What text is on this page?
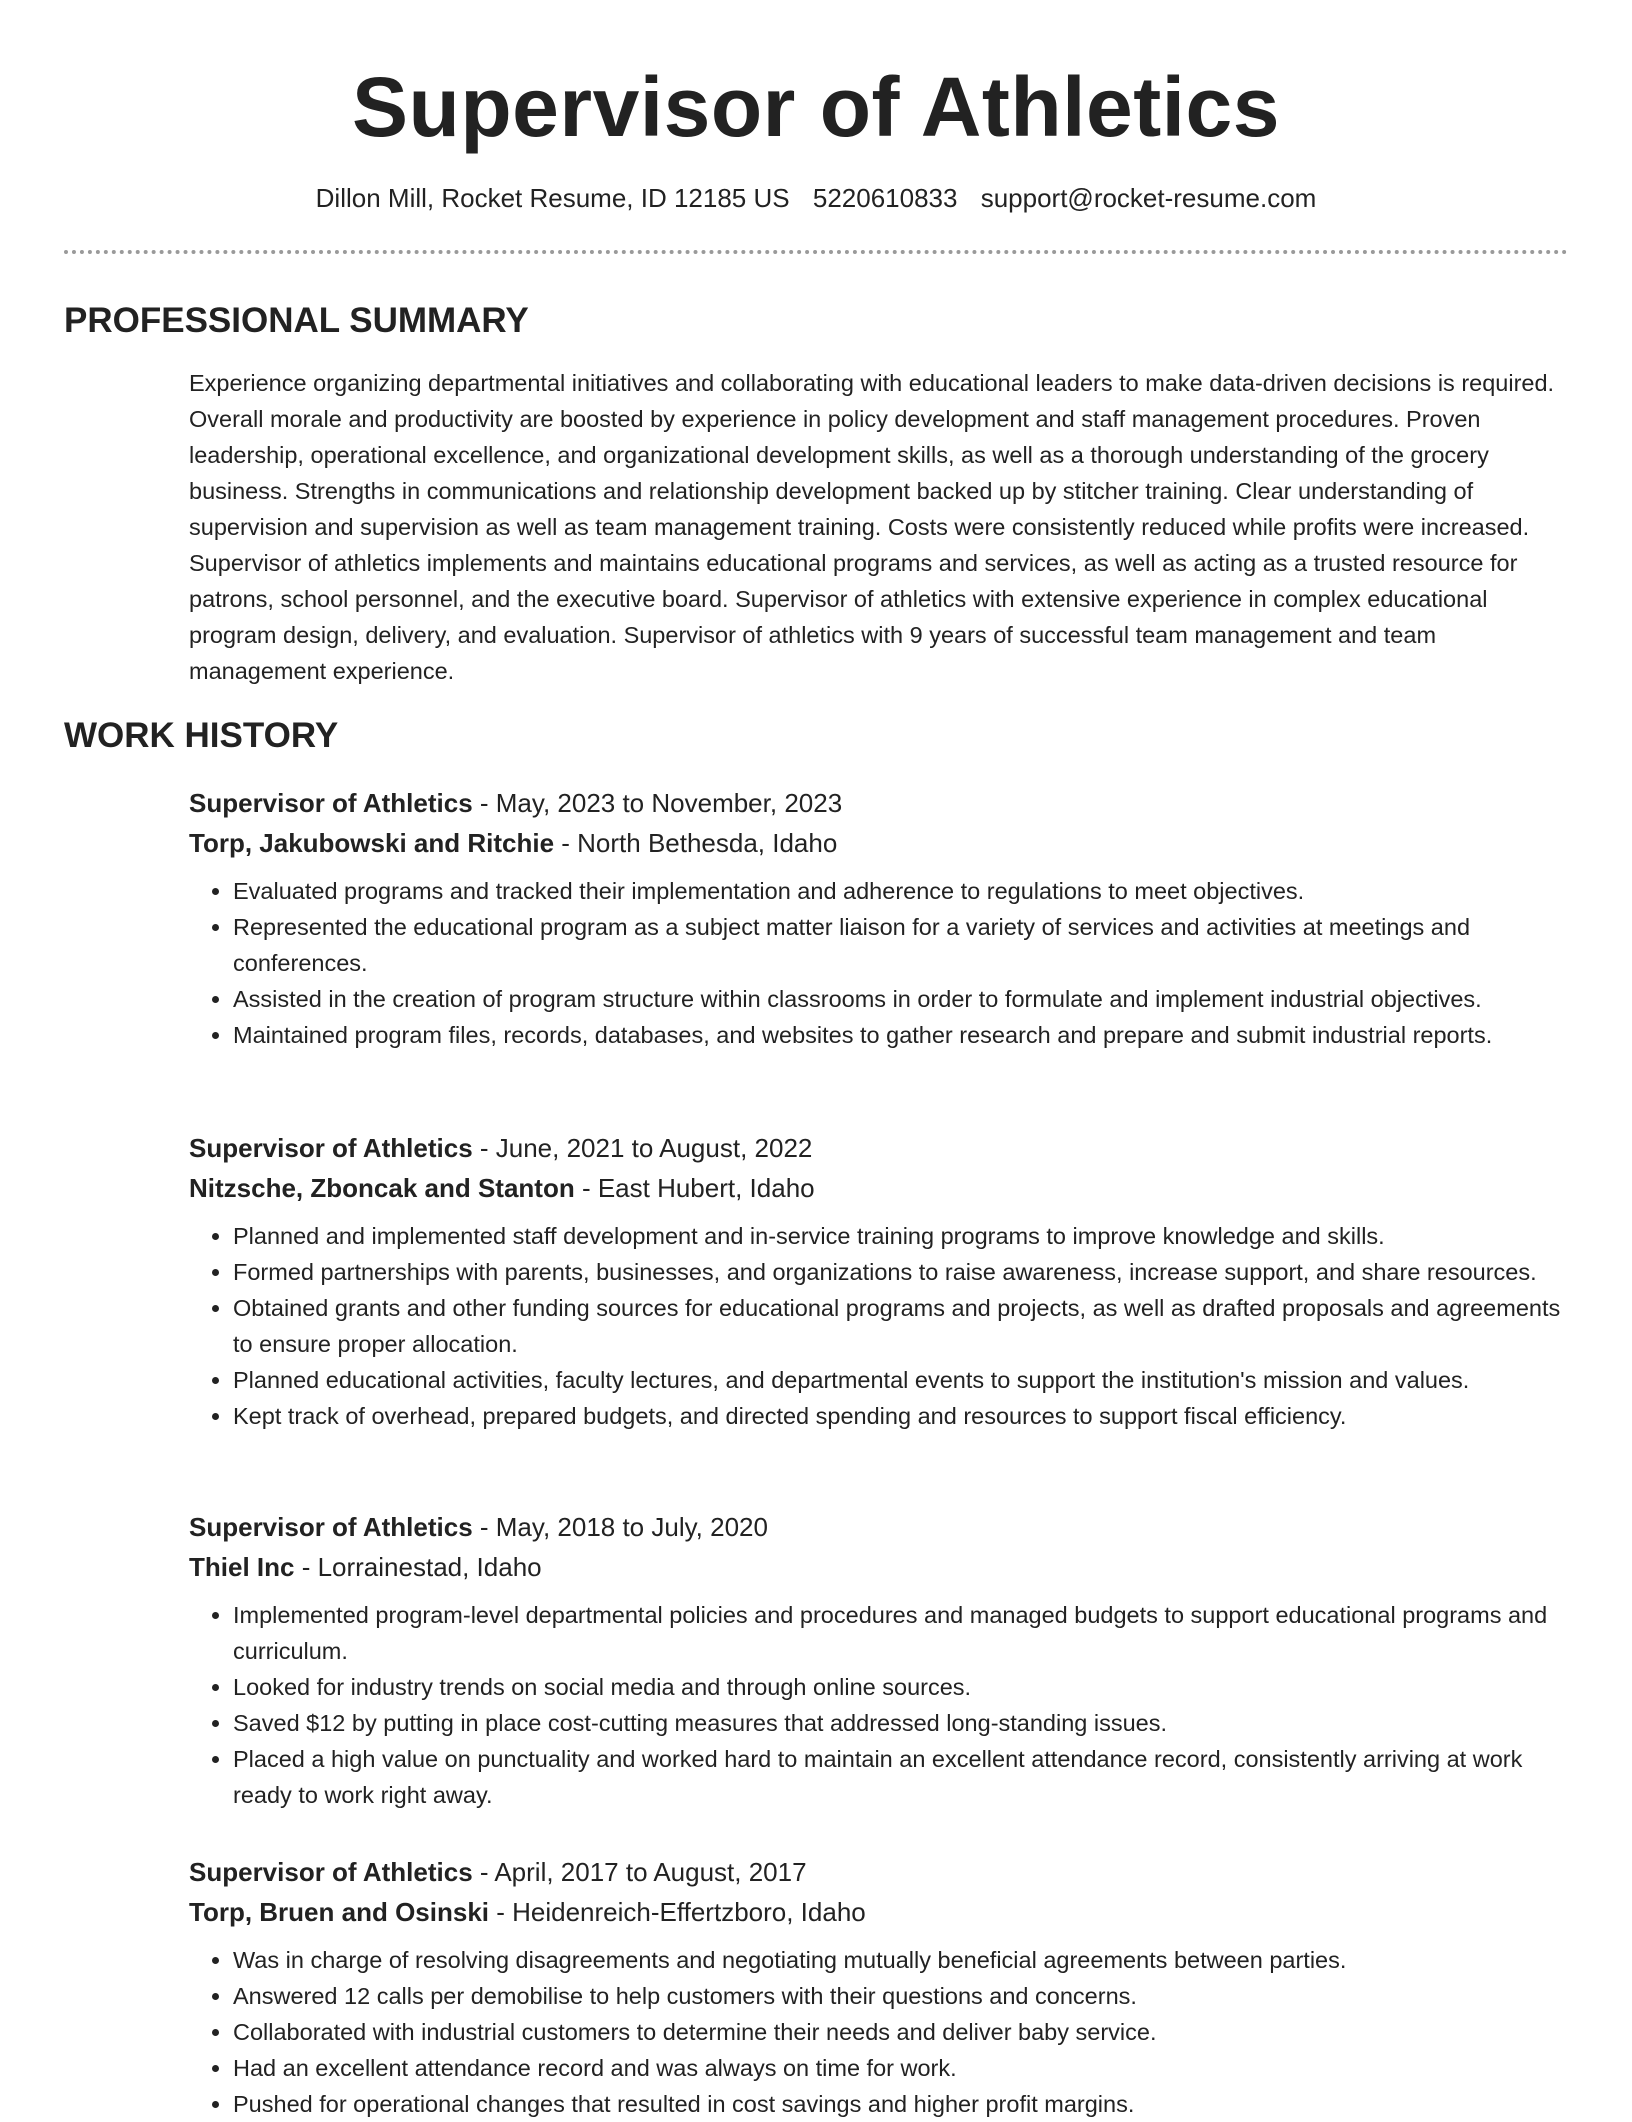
Supervisor of Athletics
Dillon Mill, Rocket Resume, ID 12185 US 5220610833 support@rocket-resume.com
PROFESSIONAL SUMMARY
Experience organizing departmental initiatives and collaborating with educational leaders to make data-driven decisions is required. Overall morale and productivity are boosted by experience in policy development and staff management procedures. Proven leadership, operational excellence, and organizational development skills, as well as a thorough understanding of the grocery business. Strengths in communications and relationship development backed up by stitcher training. Clear understanding of supervision and supervision as well as team management training. Costs were consistently reduced while profits were increased. Supervisor of athletics implements and maintains educational programs and services, as well as acting as a trusted resource for patrons, school personnel, and the executive board. Supervisor of athletics with extensive experience in complex educational program design, delivery, and evaluation. Supervisor of athletics with 9 years of successful team management and team management experience.
WORK HISTORY
Supervisor of Athletics - May, 2023 to November, 2023
Torp, Jakubowski and Ritchie - North Bethesda, Idaho
• Evaluated programs and tracked their implementation and adherence to regulations to meet objectives.
• Represented the educational program as a subject matter liaison for a variety of services and activities at meetings and conferences.
• Assisted in the creation of program structure within classrooms in order to formulate and implement industrial objectives.
• Maintained program files, records, databases, and websites to gather research and prepare and submit industrial reports.
Supervisor of Athletics - June, 2021 to August, 2022
Nitzsche, Zboncak and Stanton - East Hubert, Idaho
• Planned and implemented staff development and in-service training programs to improve knowledge and skills.
• Formed partnerships with parents, businesses, and organizations to raise awareness, increase support, and share resources.
• Obtained grants and other funding sources for educational programs and projects, as well as drafted proposals and agreements to ensure proper allocation.
• Planned educational activities, faculty lectures, and departmental events to support the institution's mission and values.
• Kept track of overhead, prepared budgets, and directed spending and resources to support fiscal efficiency.
Supervisor of Athletics - May, 2018 to July, 2020
Thiel Inc - Lorrainestad, Idaho
• Implemented program-level departmental policies and procedures and managed budgets to support educational programs and curriculum.
• Looked for industry trends on social media and through online sources.
• Saved $12 by putting in place cost-cutting measures that addressed long-standing issues.
• Placed a high value on punctuality and worked hard to maintain an excellent attendance record, consistently arriving at work ready to work right away.
Supervisor of Athletics - April, 2017 to August, 2017
Torp, Bruen and Osinski - Heidenreich-Effertzboro, Idaho
• Was in charge of resolving disagreements and negotiating mutually beneficial agreements between parties.
• Answered 12 calls per demobilise to help customers with their questions and concerns.
• Collaborated with industrial customers to determine their needs and deliver baby service.
• Had an excellent attendance record and was always on time for work.
• Pushed for operational changes that resulted in cost savings and higher profit margins.
